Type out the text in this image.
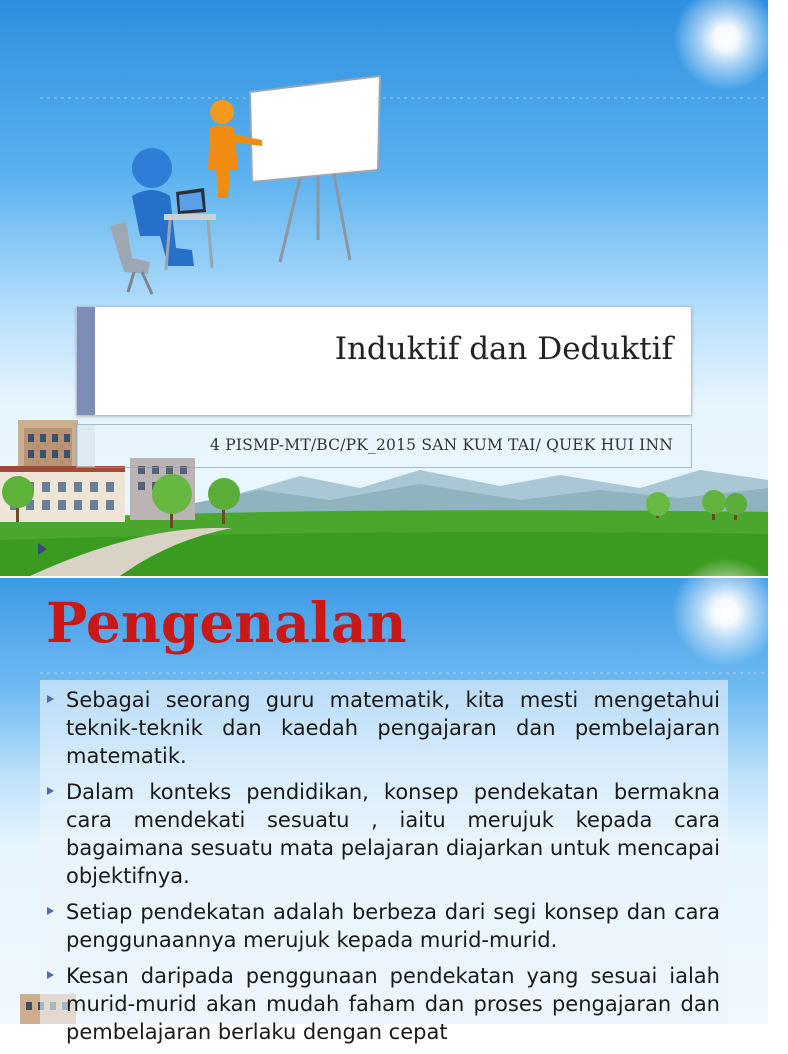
Induktif dan Deduktif
4 PISMP-MT/BC/PK_2015 SAN KUM TAI/ QUEK HUI INN
Pengenalan
Sebagai seorang guru matematik, kita mesti mengetahui teknik-teknik dan kaedah pengajaran dan pembelajaran matematik.
Dalam konteks pendidikan, konsep pendekatan bermakna cara mendekati sesuatu , iaitu merujuk kepada cara bagaimana sesuatu mata pelajaran diajarkan untuk mencapai objektifnya.
Setiap pendekatan adalah berbeza dari segi konsep dan cara penggunaannya merujuk kepada murid-murid.
Kesan daripada penggunaan pendekatan yang sesuai ialah murid-murid akan mudah faham dan proses pengajaran dan pembelajaran berlaku dengan cepat
